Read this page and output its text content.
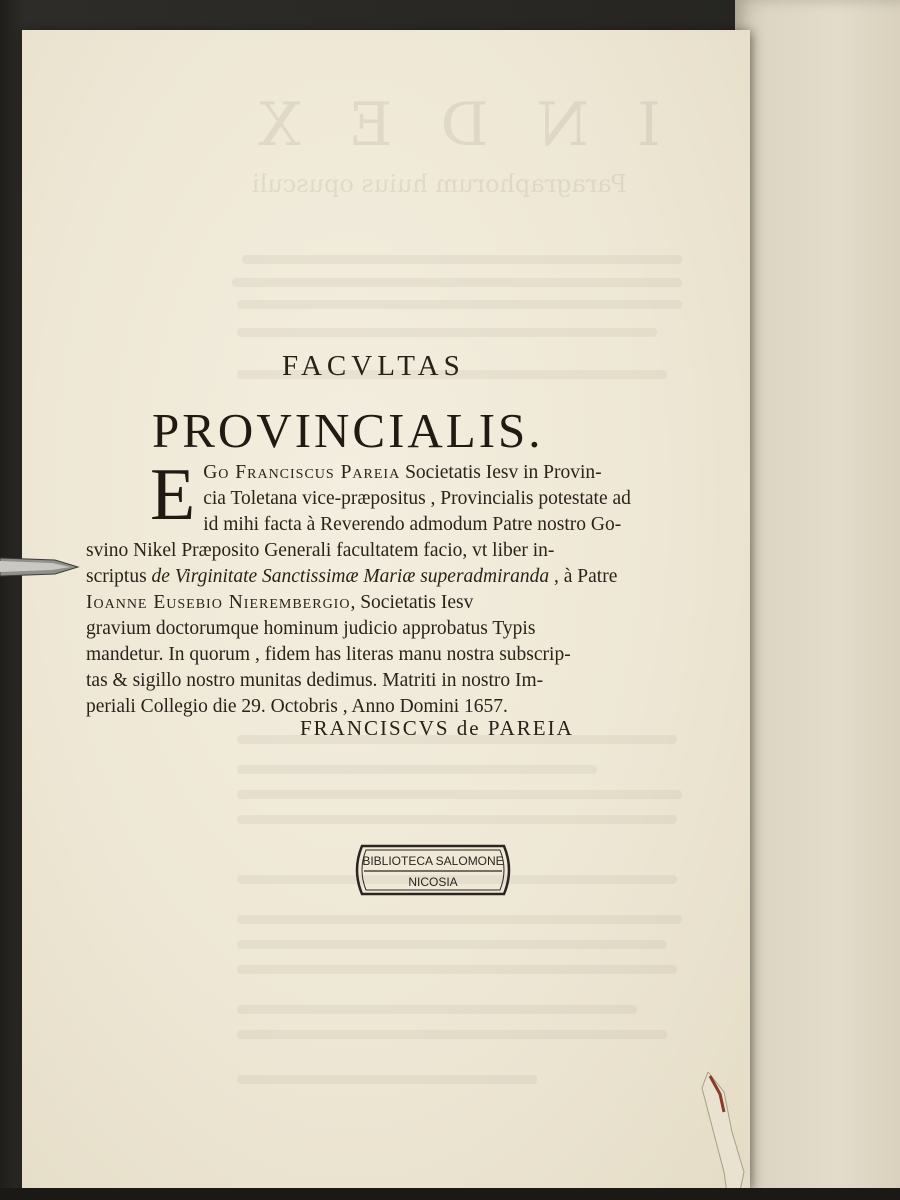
INDEX
Paragraphorum huius opusculi
FACVLTAS
PROVINCIALIS.
E Go Franciscus Pareia Societatis Iesv in Provin-
cia Toletana vice-præpositus , Provincialis potestate ad
id mihi facta à Reverendo admodum Patre nostro Go-
svino Nikel Præposito Generali facultatem facio, vt liber in-
scriptus de Virginitate Sanctissimæ Mariæ superadmiranda , à Patre
Ioanne Eusebio Nierembergio, Societatis Iesv
gravium doctorumque hominum judicio approbatus Typis
mandetur. In quorum , fidem has literas manu nostra subscrip-
tas & sigillo nostro munitas dedimus. Matriti in nostro Im-
periali Collegio die 29. Octobris , Anno Domini 1657.
FRANCISCVS de PAREIA
BIBLIOTECA SALOMONE
NICOSIA
